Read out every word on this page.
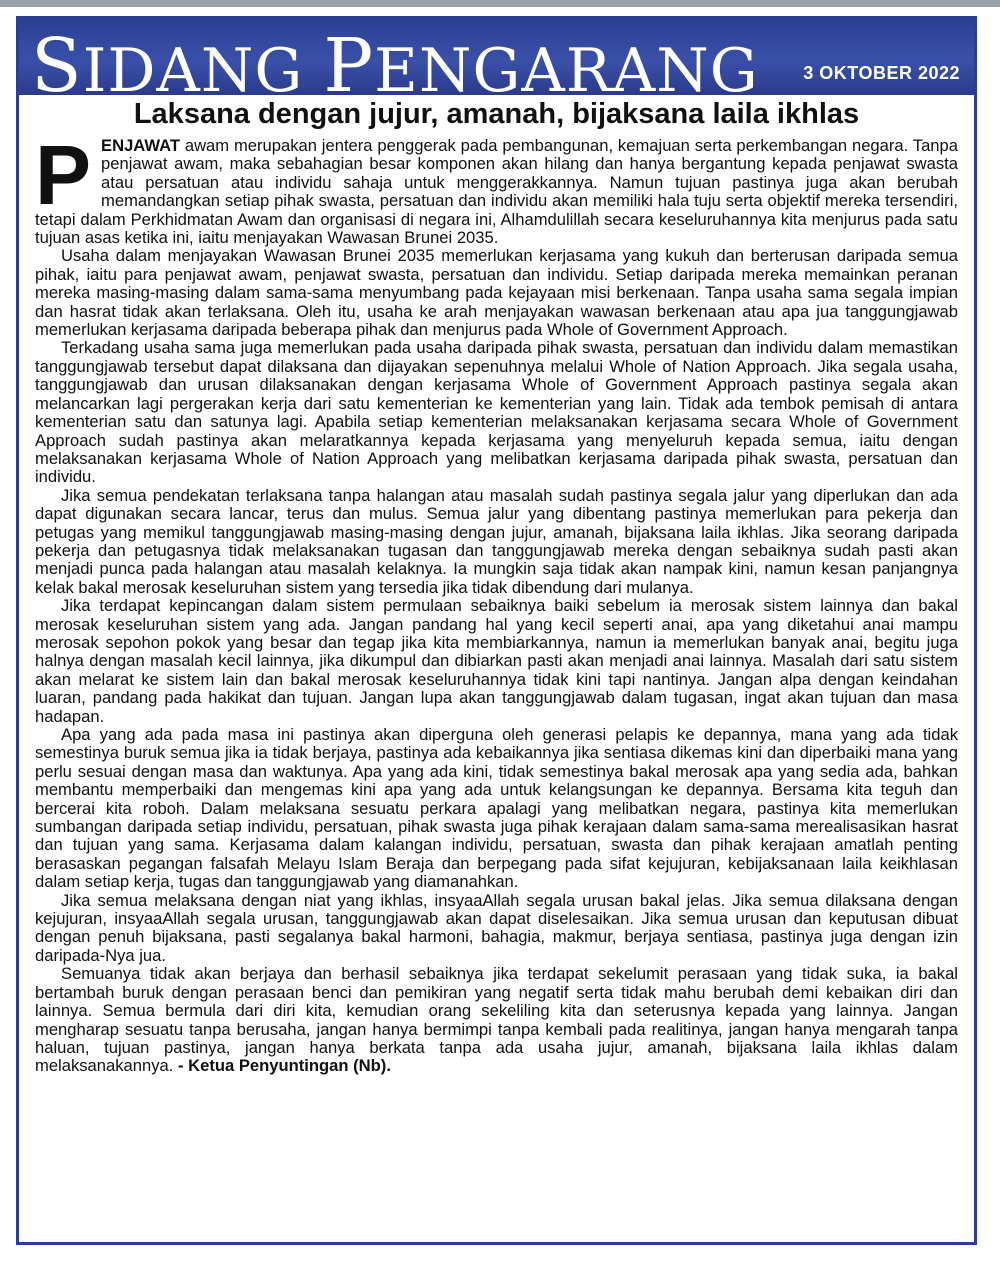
SIDANG PENGARANG 3 OKTOBER 2022
Laksana dengan jujur, amanah, bijaksana laila ikhlas

PENJAWAT awam merupakan jentera penggerak pada pembangunan, kemajuan serta perkembangan negara. Tanpa penjawat awam, maka sebahagian besar komponen akan hilang dan hanya bergantung kepada penjawat swasta atau persatuan atau individu sahaja untuk menggerakkannya. Namun tujuan pastinya juga akan berubah memandangkan setiap pihak swasta, persatuan dan individu akan memiliki hala tuju serta objektif mereka tersendiri, tetapi dalam Perkhidmatan Awam dan organisasi di negara ini, Alhamdulillah secara keseluruhannya kita menjurus pada satu tujuan asas ketika ini, iaitu menjayakan Wawasan Brunei 2035.

Usaha dalam menjayakan Wawasan Brunei 2035 memerlukan kerjasama yang kukuh dan berterusan daripada semua pihak, iaitu para penjawat awam, penjawat swasta, persatuan dan individu. Setiap daripada mereka memainkan peranan mereka masing-masing dalam sama-sama menyumbang pada kejayaan misi berkenaan. Tanpa usaha sama segala impian dan hasrat tidak akan terlaksana. Oleh itu, usaha ke arah menjayakan wawasan berkenaan atau apa jua tanggungjawab memerlukan kerjasama daripada beberapa pihak dan menjurus pada Whole of Government Approach.

Terkadang usaha sama juga memerlukan pada usaha daripada pihak swasta, persatuan dan individu dalam memastikan tanggungjawab tersebut dapat dilaksana dan dijayakan sepenuhnya melalui Whole of Nation Approach. Jika segala usaha, tanggungjawab dan urusan dilaksanakan dengan kerjasama Whole of Government Approach pastinya segala akan melancarkan lagi pergerakan kerja dari satu kementerian ke kementerian yang lain. Tidak ada tembok pemisah di antara kementerian satu dan satunya lagi. Apabila setiap kementerian melaksanakan kerjasama secara Whole of Government Approach sudah pastinya akan melaratkannya kepada kerjasama yang menyeluruh kepada semua, iaitu dengan melaksanakan kerjasama Whole of Nation Approach yang melibatkan kerjasama daripada pihak swasta, persatuan dan individu.

Jika semua pendekatan terlaksana tanpa halangan atau masalah sudah pastinya segala jalur yang diperlukan dan ada dapat digunakan secara lancar, terus dan mulus. Semua jalur yang dibentang pastinya memerlukan para pekerja dan petugas yang memikul tanggungjawab masing-masing dengan jujur, amanah, bijaksana laila ikhlas. Jika seorang daripada pekerja dan petugasnya tidak melaksanakan tugasan dan tanggungjawab mereka dengan sebaiknya sudah pasti akan menjadi punca pada halangan atau masalah kelaknya. Ia mungkin saja tidak akan nampak kini, namun kesan panjangnya kelak bakal merosak keseluruhan sistem yang tersedia jika tidak dibendung dari mulanya.

Jika terdapat kepincangan dalam sistem permulaan sebaiknya baiki sebelum ia merosak sistem lainnya dan bakal merosak keseluruhan sistem yang ada. Jangan pandang hal yang kecil seperti anai, apa yang diketahui anai mampu merosak sepohon pokok yang besar dan tegap jika kita membiarkannya, namun ia memerlukan banyak anai, begitu juga halnya dengan masalah kecil lainnya, jika dikumpul dan dibiarkan pasti akan menjadi anai lainnya. Masalah dari satu sistem akan melarat ke sistem lain dan bakal merosak keseluruhannya tidak kini tapi nantinya. Jangan alpa dengan keindahan luaran, pandang pada hakikat dan tujuan. Jangan lupa akan tanggungjawab dalam tugasan, ingat akan tujuan dan masa hadapan.

Apa yang ada pada masa ini pastinya akan diperguna oleh generasi pelapis ke depannya, mana yang ada tidak semestinya buruk semua jika ia tidak berjaya, pastinya ada kebaikannya jika sentiasa dikemas kini dan diperbaiki mana yang perlu sesuai dengan masa dan waktunya. Apa yang ada kini, tidak semestinya bakal merosak apa yang sedia ada, bahkan membantu memperbaiki dan mengemas kini apa yang ada untuk kelangsungan ke depannya. Bersama kita teguh dan bercerai kita roboh. Dalam melaksana sesuatu perkara apalagi yang melibatkan negara, pastinya kita memerlukan sumbangan daripada setiap individu, persatuan, pihak swasta juga pihak kerajaan dalam sama-sama merealisasikan hasrat dan tujuan yang sama. Kerjasama dalam kalangan individu, persatuan, swasta dan pihak kerajaan amatlah penting berasaskan pegangan falsafah Melayu Islam Beraja dan berpegang pada sifat kejujuran, kebijaksanaan laila keikhlasan dalam setiap kerja, tugas dan tanggungjawab yang diamanahkan.

Jika semua melaksana dengan niat yang ikhlas, insyaaAllah segala urusan bakal jelas. Jika semua dilaksana dengan kejujuran, insyaaAllah segala urusan, tanggungjawab akan dapat diselesaikan. Jika semua urusan dan keputusan dibuat dengan penuh bijaksana, pasti segalanya bakal harmoni, bahagia, makmur, berjaya sentiasa, pastinya juga dengan izin daripada-Nya jua.

Semuanya tidak akan berjaya dan berhasil sebaiknya jika terdapat sekelumit perasaan yang tidak suka, ia bakal bertambah buruk dengan perasaan benci dan pemikiran yang negatif serta tidak mahu berubah demi kebaikan diri dan lainnya. Semua bermula dari diri kita, kemudian orang sekeliling kita dan seterusnya kepada yang lainnya. Jangan mengharap sesuatu tanpa berusaha, jangan hanya bermimpi tanpa kembali pada realitinya, jangan hanya mengarah tanpa haluan, tujuan pastinya, jangan hanya berkata tanpa ada usaha jujur, amanah, bijaksana laila ikhlas dalam melaksanakannya. - Ketua Penyuntingan (Nb).
